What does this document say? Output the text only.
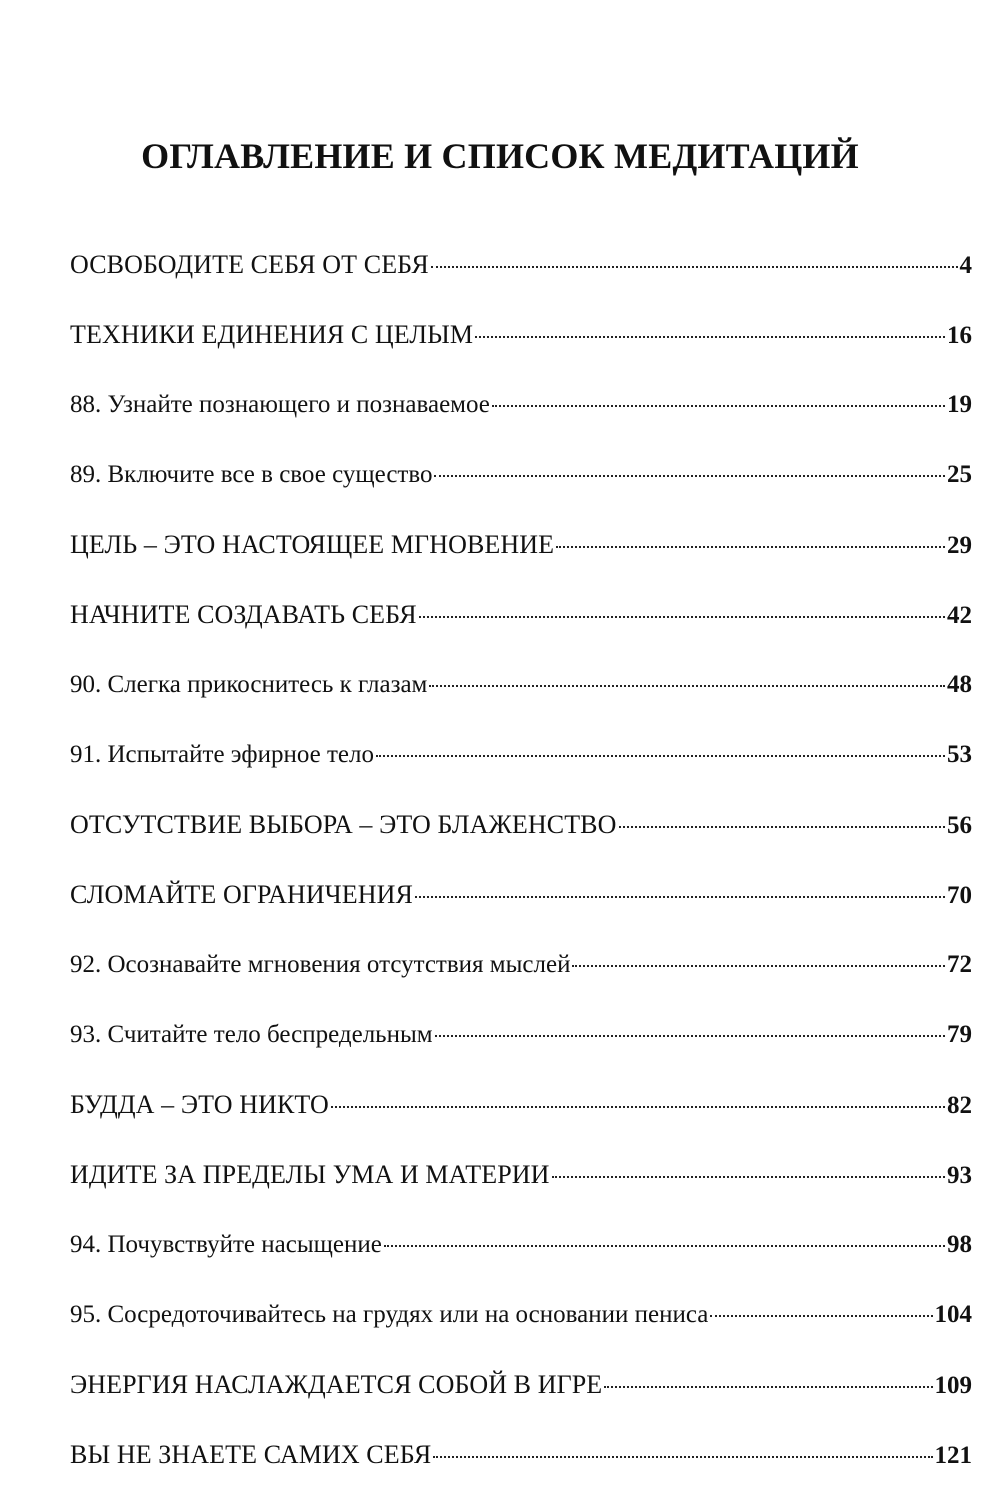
ОГЛАВЛЕНИЕ И СПИСОК МЕДИТАЦИЙ
ОСВОБОДИТЕ СЕБЯ ОТ СЕБЯ	4
ТЕХНИКИ ЕДИНЕНИЯ С ЦЕЛЫМ	16
88. Узнайте познающего и познаваемое	19
89. Включите все в свое существо	25
ЦЕЛЬ – ЭТО НАСТОЯЩЕЕ МГНОВЕНИЕ	29
НАЧНИТЕ СОЗДАВАТЬ СЕБЯ	42
90. Слегка прикоснитесь к глазам	48
91. Испытайте эфирное тело	53
ОТСУТСТВИЕ ВЫБОРА – ЭТО БЛАЖЕНСТВО	56
СЛОМАЙТЕ ОГРАНИЧЕНИЯ	70
92. Осознавайте мгновения отсутствия мыслей	72
93. Считайте тело беспредельным	79
БУДДА – ЭТО НИКТО	82
ИДИТЕ ЗА ПРЕДЕЛЫ УМА И МАТЕРИИ	93
94. Почувствуйте насыщение	98
95. Сосредоточивайтесь на грудях или на основании пениса	104
ЭНЕРГИЯ НАСЛАЖДАЕТСЯ СОБОЙ В ИГРЕ	109
ВЫ НЕ ЗНАЕТЕ САМИХ СЕБЯ	121
